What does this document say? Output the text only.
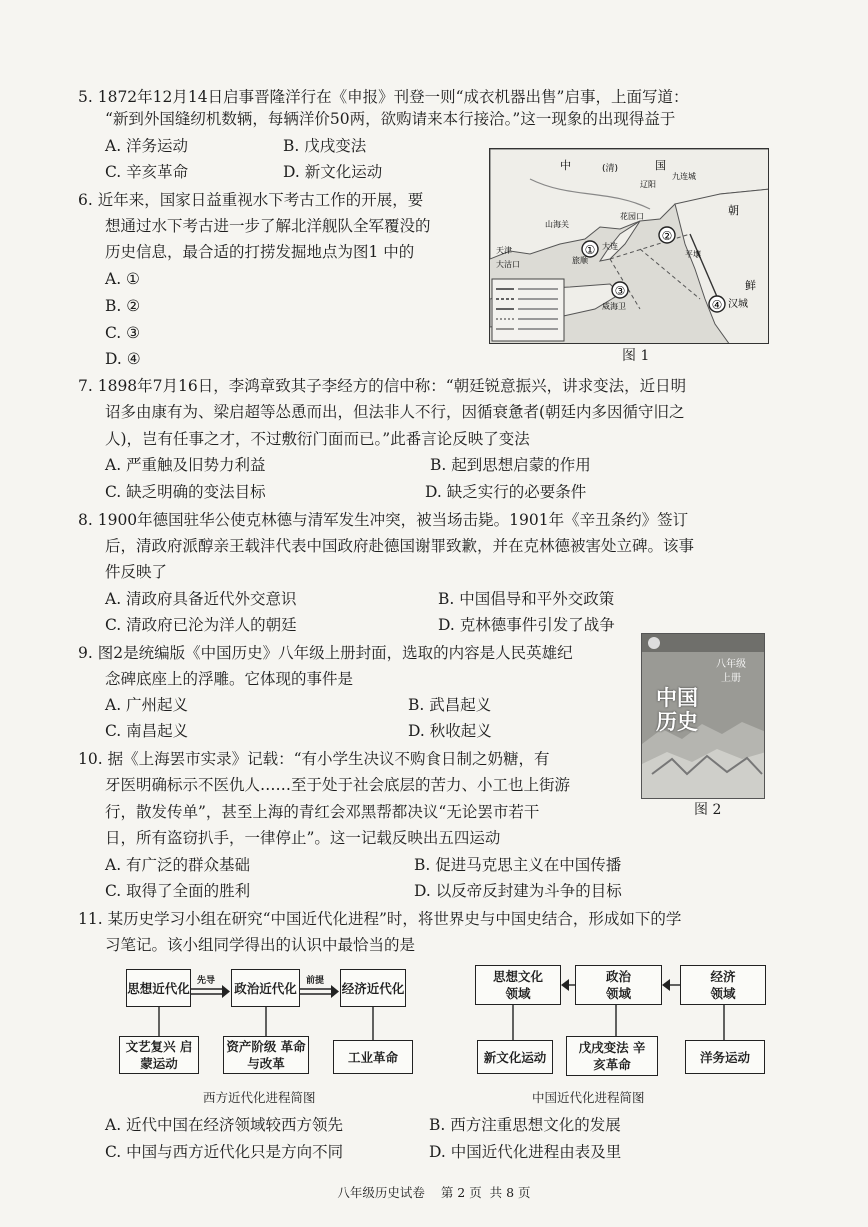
5. 1872年12月14日启事晋隆洋行在《申报》刊登一则“成衣机器出售”启事，上面写道：
“新到外国缝纫机数辆，每辆洋价50两，欲购请来本行接洽。”这一现象的出现得益于
A. 洋务运动	B. 戊戌变法
C. 辛亥革命	D. 新文化运动
6. 近年来，国家日益重视水下考古工作的开展，要
想通过水下考古进一步了解北洋舰队全军覆没的
历史信息，最合适的打捞发掘地点为图1 中的
A. ①
B. ②
C. ③
D. ④
①
②
③
④
中	国
(清)
辽阳
九连城
朝
鲜
山海关
花园口
天津
大沽口	旅顺
大连
威海卫
平壤
汉城
图 1
7. 1898年7月16日，李鸿章致其子李经方的信中称：“朝廷锐意振兴，讲求变法，近日明
诏多由康有为、梁启超等怂恿而出，但法非人不行，因循衰惫者(朝廷内多因循守旧之
人)，岂有任事之才，不过敷衍门面而已。”此番言论反映了变法
A. 严重触及旧势力利益	B. 起到思想启蒙的作用
C. 缺乏明确的变法目标	D. 缺乏实行的必要条件
8. 1900年德国驻华公使克林德与清军发生冲突，被当场击毙。1901年《辛丑条约》签订
后，清政府派醇亲王载沣代表中国政府赴德国谢罪致歉，并在克林德被害处立碑。该事
件反映了
A. 清政府具备近代外交意识	B. 中国倡导和平外交政策
C. 清政府已沦为洋人的朝廷	D. 克林德事件引发了战争
9. 图2是统编版《中国历史》八年级上册封面，选取的内容是人民英雄纪
念碑底座上的浮雕。它体现的事件是
A. 广州起义	B. 武昌起义
C. 南昌起义	D. 秋收起义
八年级 上册
中国历史
图 2
10. 据《上海罢市实录》记载：“有小学生决议不购食日制之奶糖，有
牙医明确标示不医仇人……至于处于社会底层的苦力、小工也上街游
行，散发传单”，甚至上海的青红会邓黑帮都决议“无论罢市若干
日，所有盗窃扒手，一律停止”。这一记载反映出五四运动
A. 有广泛的群众基础	B. 促进马克思主义在中国传播
C. 取得了全面的胜利	D. 以反帝反封建为斗争的目标
11. 某历史学习小组在研究“中国近代化进程”时，将世界史与中国史结合，形成如下的学
习笔记。该小组同学得出的认识中最恰当的是
先导	前提
思想近代化	政治近代化	经济近代化
文艺复兴 启蒙运动
资产阶级 革命与改革	工业革命
西方近代化进程简图
思想文化领域
政治领域
经济领域
新文化运动
戊戌变法 辛亥革命	洋务运动
中国近代化进程简图
A. 近代中国在经济领域较西方领先	B. 西方注重思想文化的发展
C. 中国与西方近代化只是方向不同	D. 中国近代化进程由表及里
八年级历史试卷    第 2 页  共 8 页
